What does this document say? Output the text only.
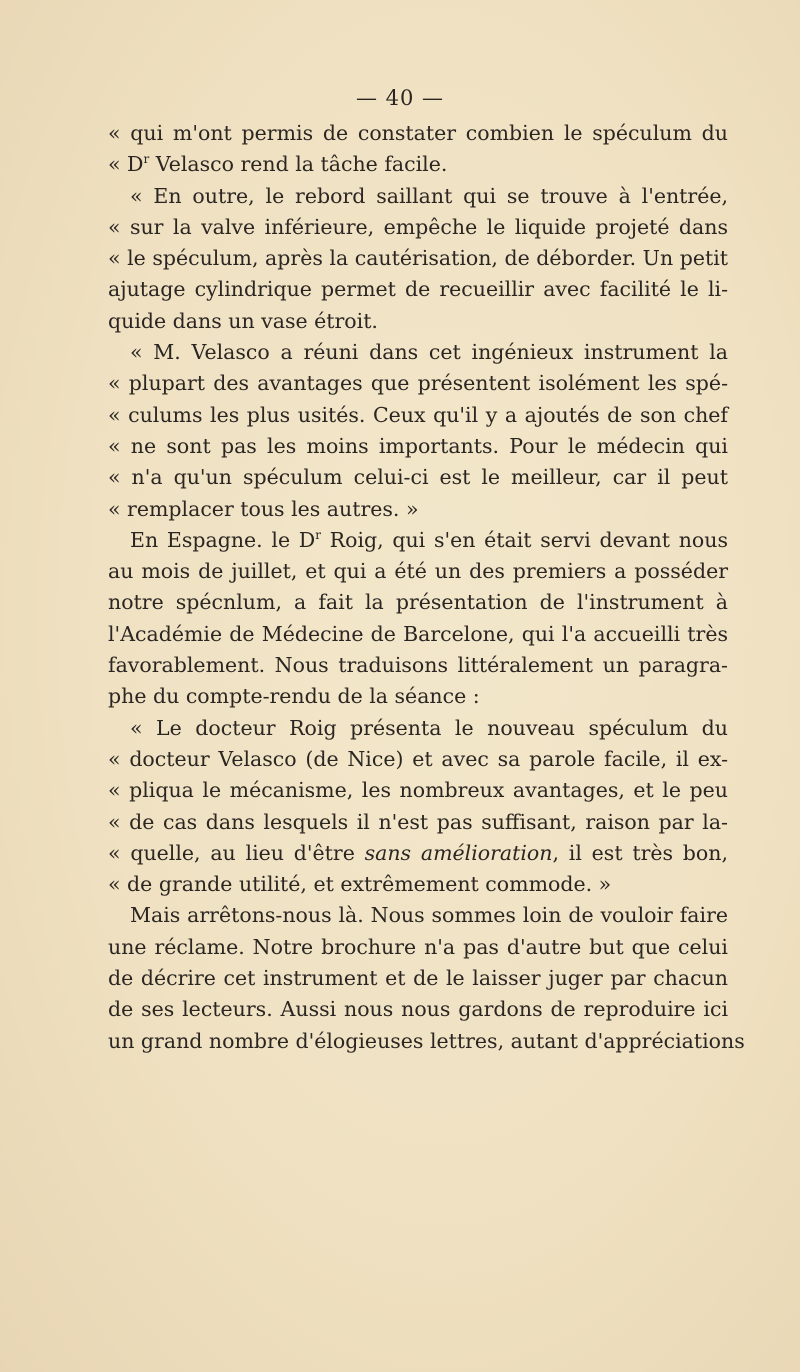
— 40 —
« qui m'ont permis de constater combien le spéculum du
« $D^r$ Velasco rend la tâche facile.
« En outre, le rebord saillant qui se trouve à l'entrée,
« sur la valve inférieure, empêche le liquide projeté dans
« le spéculum, après la cautérisation, de déborder. Un petit
ajutage cylindrique permet de recueillir avec facilité le li-
quide dans un vase étroit.
« M. Velasco a réuni dans cet ingénieux instrument la
« plupart des avantages que présentent isolément les spé-
« culums les plus usités. Ceux qu'il y a ajoutés de son chef
« ne sont pas les moins importants. Pour le médecin qui
« n'a qu'un spéculum celui-ci est le meilleur, car il peut
« remplacer tous les autres. »
En Espagne. le $D^r$ Roig, qui s'en était servi devant nous
au mois de juillet, et qui a été un des premiers a posséder
notre spécnlum, a fait la présentation de l'instrument à
l'Académie de Médecine de Barcelone, qui l'a accueilli très
favorablement. Nous traduisons littéralement un paragra-
phe du compte-rendu de la séance :
« Le docteur Roig présenta le nouveau spéculum du
« docteur Velasco (de Nice) et avec sa parole facile, il ex-
« pliqua le mécanisme, les nombreux avantages, et le peu
« de cas dans lesquels il n'est pas suffisant, raison par la-
« quelle, au lieu d'être sans amélioration, il est très bon,
« de grande utilité, et extrêmement commode. »
Mais arrêtons-nous là. Nous sommes loin de vouloir faire
une réclame. Notre brochure n'a pas d'autre but que celui
de décrire cet instrument et de le laisser juger par chacun
de ses lecteurs. Aussi nous nous gardons de reproduire ici
un grand nombre d'élogieuses lettres, autant d'appréciations
